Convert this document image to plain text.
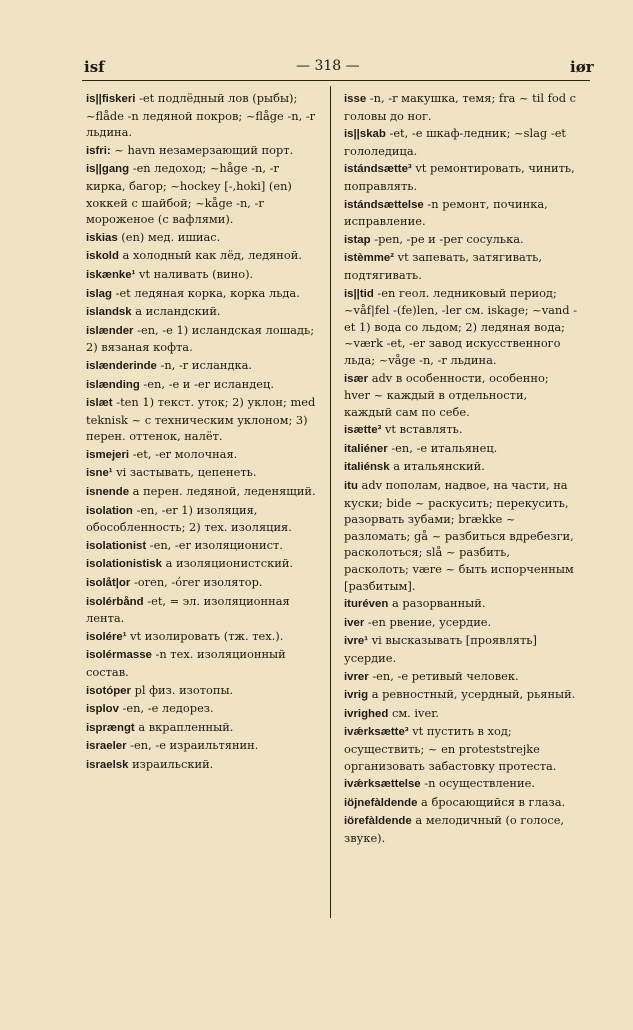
isf	— 318 —	iør
is||fiskeri -et подлёдный лов (рыбы); ~flåde -n ледяной покров; ~flåge -n, -r льдина.
isfri: ~ havn незамерзающий порт.
is||gang -en ледоход; ~håge -n, -r кирка, багор; ~hockey [-,hoki] (en) хоккей с шайбой; ~kåge -n, -r мороженое (с вафлями).
iskias (en) мед. ишиас.
iskold a холодный как лёд, ледяной.
iskænke¹ vt наливать (вино).
islag -et ледяная корка, корка льда.
islandsk a исландский.
islænder -en, -e 1) исландская лошадь; 2) вязаная кофта.
islænderinde -n, -r исландка.
islænding -en, -e и -er исландец.
islæt -ten 1) текст. уток; 2) уклон; med teknisk ~ с техническим уклоном; 3) перен. оттенок, налёт.
ismejeri -et, -er молочная.
isne¹ vi застывать, цепенеть.
isnende a перен. ледяной, леденящий.
isolation -en, -er 1) изоляция, обособленность; 2) тех. изоляция.
isolationist -en, -er изоляционист.
isolationistisk a изоляционистский.
isolåt|or -oren, -órer изолятор.
isolérbånd -et, = эл. изоляционная лента.
isolére¹ vt изолировать (тж. тех.).
isolérmasse -n тех. изоляционный состав.
isotóper pl физ. изотопы.
isplov -en, -e ледорез.
isprængt a вкрапленный.
israeler -en, -e израильтянин.
israelsk израильский.
isse -n, -r макушка, темя; fra ~ til fod с головы до ног.
is||skab -et, -e шкаф-ледник; ~slag -et гололедица.
istándsætte³ vt ремонтировать, чинить, поправлять.
istándsættelse -n ремонт, починка, исправление.
istap -pen, -pe и -per сосулька.
istèmme² vt запевать, затягивать, подтягивать.
is||tid -en геол. ледниковый период; ~våf|fel -(fe)len, -ler см. iskage; ~vand -et 1) вода со льдом; 2) ледяная вода; ~værk -et, -er завод искусственного льда; ~våge -n, -r льдина.
især adv в особенности, особенно; hver ~ каждый в отдельности, каждый сам по себе.
isætte³ vt вставлять.
italiéner -en, -e итальянец.
italiénsk a итальянский.
itu adv пополам, надвое, на части, на куски; bide ~ раскусить; перекусить, разорвать зубами; brække ~ разломать; gå ~ разбиться вдребезги, расколоться; slå ~ разбить, расколоть; være ~ быть испорченным [разбитым].
ituréven a разорванный.
iver -en рвение, усердие.
ivre¹ vi высказывать [проявлять] усердие.
ivrer -en, -e ретивый человек.
ivrig a ревностный, усердный, рьяный.
ivrighed см. iver.
ivǽrksætte³ vt пустить в ход; осуществить; ~ en proteststrejke организовать забастовку протеста.
ivǽrksættelse -n осуществление.
iöjnefàldende a бросающийся в глаза.
iörefàldende a мелодичный (о голосе, звуке).
